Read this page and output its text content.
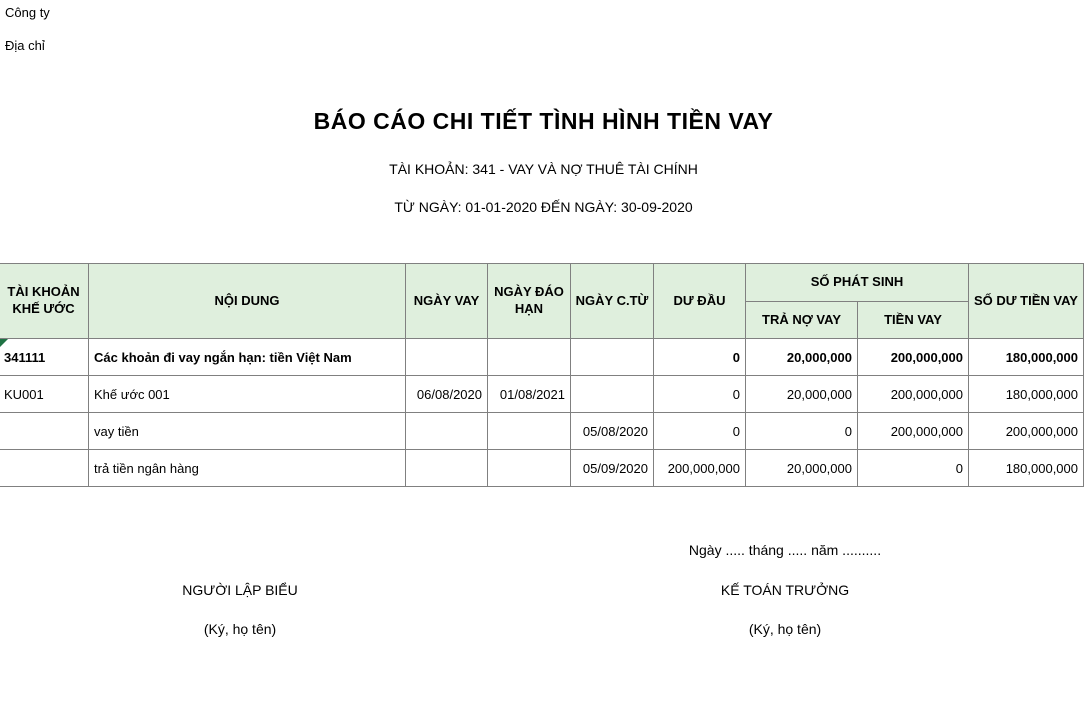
Công ty
Địa chỉ
BÁO CÁO CHI TIẾT TÌNH HÌNH TIỀN VAY
TÀI KHOẢN: 341 - VAY VÀ NỢ THUÊ TÀI CHÍNH
TỪ NGÀY: 01-01-2020 ĐẾN NGÀY: 30-09-2020
TÀI KHOẢN KHẾ ƯỚC	NỘI DUNG	NGÀY VAY	NGÀY ĐÁO HẠN	NGÀY C.TỪ	DƯ ĐẦU	SỐ PHÁT SINH		SỐ DƯ TIỀN VAY
						TRẢ NỢ VAY	TIỀN VAY	

341111	Các khoản đi vay ngắn hạn: tiền Việt Nam				0	20,000,000	200,000,000	180,000,000
KU001	Khế ước 001	06/08/2020	01/08/2021		0	20,000,000	200,000,000	180,000,000
	vay tiền			05/08/2020	0	0	200,000,000	200,000,000
	trả tiền ngân hàng			05/09/2020	200,000,000	20,000,000	0	180,000,000
Ngày ..... tháng ..... năm ..........
NGƯỜI LẬP BIỂU	KẾ TOÁN TRƯỞNG
(Ký, họ tên)	(Ký, họ tên)
